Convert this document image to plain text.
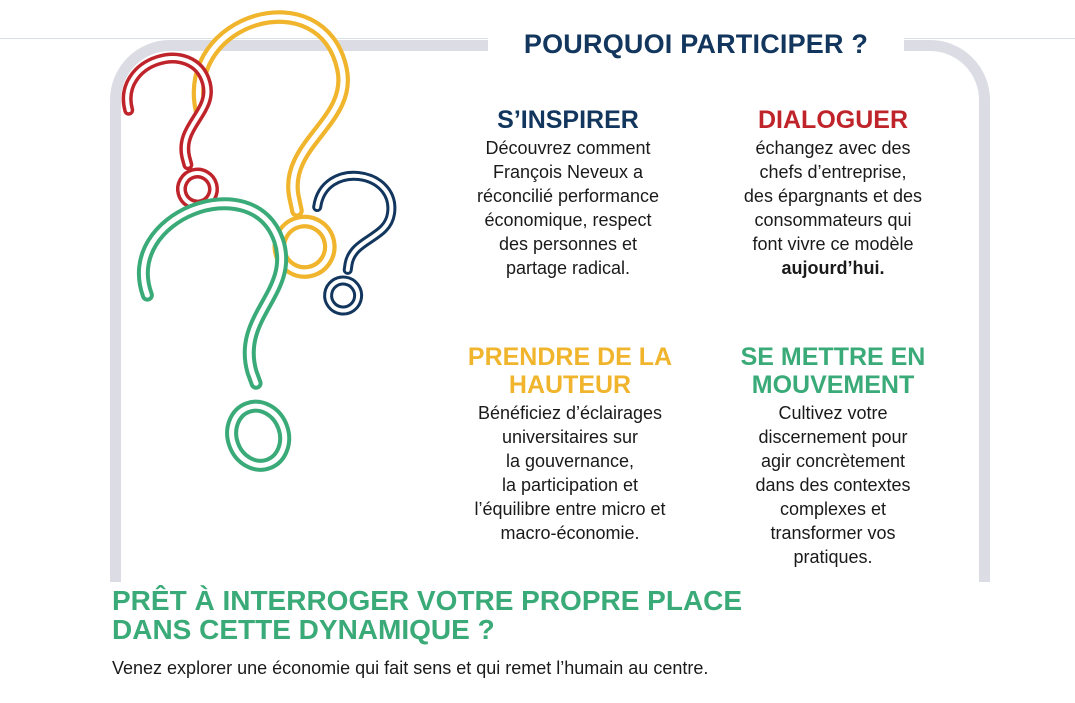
POURQUOI PARTICIPER ?
S’INSPIRER

Découvrez comment
François Neveux a
réconcilié performance
économique, respect
des personnes et
partage radical.

DIALOGUER

échangez avec des
chefs d’entreprise,
des épargnants et des
consommateurs qui
font vivre ce modèle
aujourd’hui.

PRENDRE DE LA
HAUTEUR

Bénéficiez d’éclairages
universitaires sur
la gouvernance,
la participation et
l’équilibre entre micro et
macro-économie.

SE METTRE EN
MOUVEMENT

Cultivez votre
discernement pour
agir concrètement
dans des contextes
complexes et
transformer vos
pratiques.

PRÊT À INTERROGER VOTRE PROPRE PLACE
DANS CETTE DYNAMIQUE ?

Venez explorer une économie qui fait sens et qui remet l’humain au centre.
